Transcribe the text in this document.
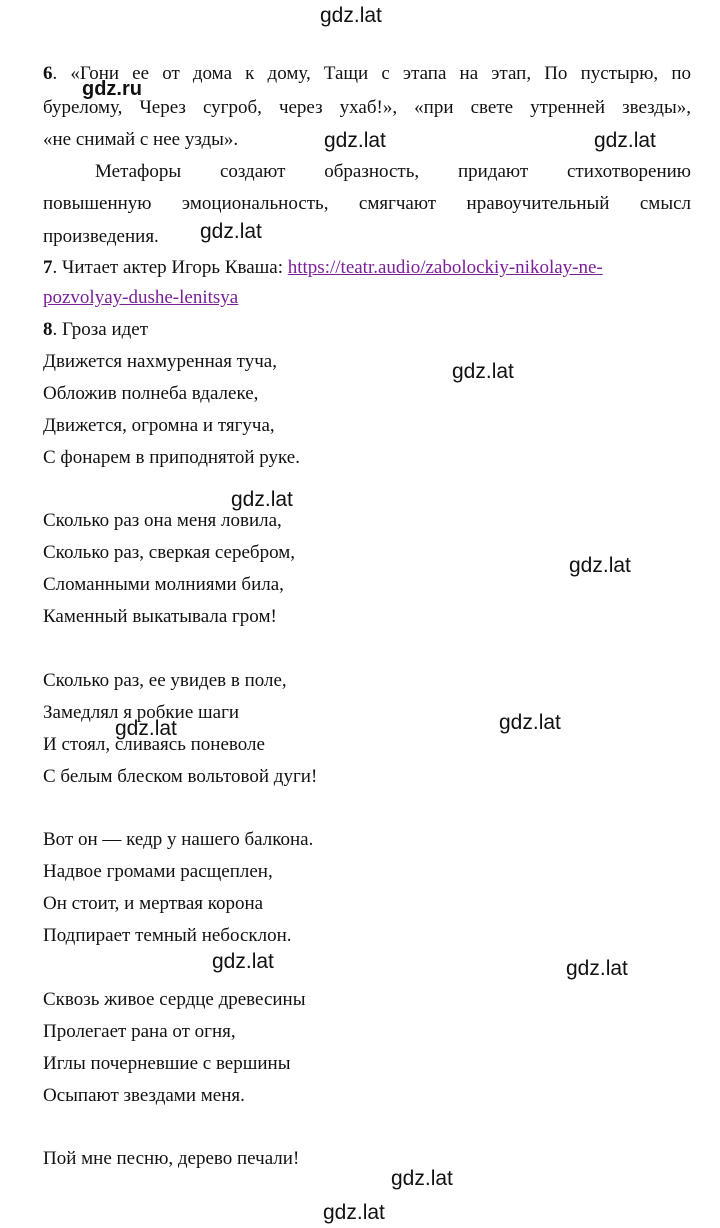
gdz.lat
gdz.ru
gdz.lat	gdz.lat
gdz.lat
gdz.lat
gdz.lat
gdz.lat
gdz.lat	gdz.lat
gdz.lat	gdz.lat
gdz.lat
gdz.lat
6. «Гони ее от дома к дому, Тащи с этапа на этап, По пустырю, по
бурелому, Через сугроб, через ухаб!», «при свете утренней звезды»,
«не снимай с нее узды».
Метафоры создают образность, придают стихотворению
повышенную эмоциональность, смягчают нравоучительный смысл
произведения.
7. Читает актер Игорь Кваша: https://teatr.audio/zabolockiy-nikolay-ne-
pozvolyay-dushe-lenitsya
8. Гроза идет
Движется нахмуренная туча,
Обложив полнеба вдалеке,
Движется, огромна и тягуча,
С фонарем в приподнятой руке.
Сколько раз она меня ловила,
Сколько раз, сверкая серебром,
Сломанными молниями била,
Каменный выкатывала гром!
Сколько раз, ее увидев в поле,
Замедлял я робкие шаги
И стоял, сливаясь поневоле
С белым блеском вольтовой дуги!
Вот он — кедр у нашего балкона.
Надвое громами расщеплен,
Он стоит, и мертвая корона
Подпирает темный небосклон.
Сквозь живое сердце древесины
Пролегает рана от огня,
Иглы почерневшие с вершины
Осыпают звездами меня.
Пой мне песню, дерево печали!
